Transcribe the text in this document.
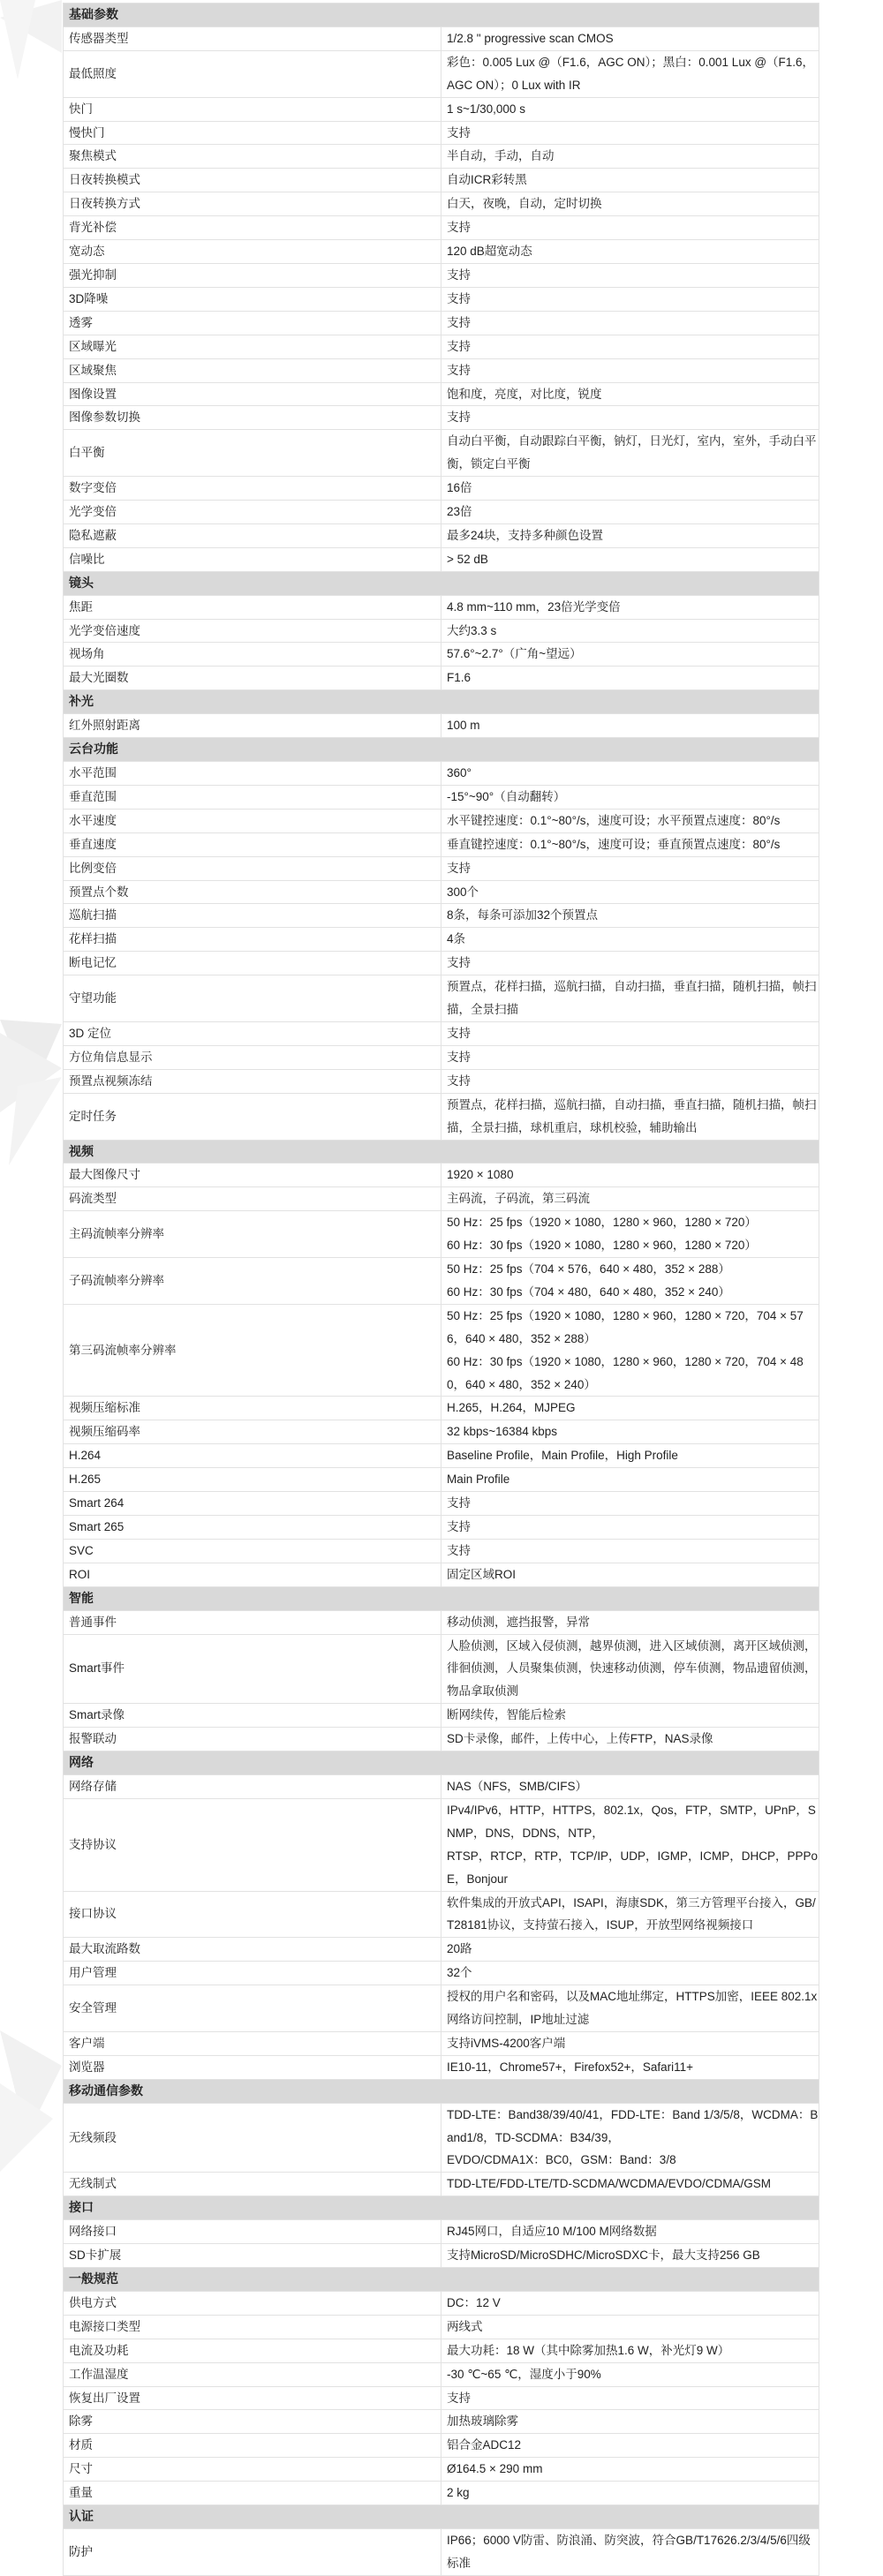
基础参数	
传感器类型	1/2.8 " progressive scan CMOS
最低照度	彩色：0.005 Lux @（F1.6，AGC ON）；黑白：0.001 Lux @（F1.6，AGC ON）；0 Lux with IR
快门	1 s~1/30,000 s
慢快门	支持
聚焦模式	半自动，手动，自动
日夜转换模式	自动ICR彩转黑
日夜转换方式	白天，夜晚，自动，定时切换
背光补偿	支持
宽动态	120 dB超宽动态
强光抑制	支持
3D降噪	支持
透雾	支持
区域曝光	支持
区域聚焦	支持
图像设置	饱和度，亮度，对比度，锐度
图像参数切换	支持
白平衡	自动白平衡，自动跟踪白平衡，钠灯，日光灯，室内，室外，手动白平衡，锁定白平衡
数字变倍	16倍
光学变倍	23倍
隐私遮蔽	最多24块，支持多种颜色设置
信噪比	> 52 dB
镜头	
焦距	4.8 mm~110 mm，23倍光学变倍
光学变倍速度	大约3.3 s
视场角	57.6°~2.7°（广角~望远）
最大光圈数	F1.6
补光	
红外照射距离	100 m
云台功能	
水平范围	360°
垂直范围	-15°~90°（自动翻转）
水平速度	水平键控速度：0.1°~80°/s，速度可设；水平预置点速度：80°/s
垂直速度	垂直键控速度：0.1°~80°/s，速度可设；垂直预置点速度：80°/s
比例变倍	支持
预置点个数	300个
巡航扫描	8条，每条可添加32个预置点
花样扫描	4条
断电记忆	支持
守望功能	预置点，花样扫描，巡航扫描，自动扫描，垂直扫描，随机扫描，帧扫描，全景扫描
3D 定位	支持
方位角信息显示	支持
预置点视频冻结	支持
定时任务	预置点，花样扫描，巡航扫描，自动扫描，垂直扫描，随机扫描，帧扫描，全景扫描，球机重启，球机校验，辅助输出
视频	
最大图像尺寸	1920 × 1080
码流类型	主码流，子码流，第三码流
主码流帧率分辨率	50 Hz：25 fps（1920 × 1080，1280 × 960，1280 × 720）
60 Hz：30 fps（1920 × 1080，1280 × 960，1280 × 720）

子码流帧率分辨率	50 Hz：25 fps（704 × 576，640 × 480，352 × 288）
60 Hz：30 fps（704 × 480，640 × 480，352 × 240）

第三码流帧率分辨率	50 Hz：25 fps（1920 × 1080，1280 × 960，1280 × 720，704 × 576，640 × 480，352 × 288）
60 Hz：30 fps（1920 × 1080，1280 × 960，1280 × 720，704 × 480，640 × 480，352 × 240）

视频压缩标准	H.265，H.264，MJPEG
视频压缩码率	32 kbps~16384 kbps
H.264	Baseline Profile，Main Profile，High Profile
H.265	Main Profile
Smart 264	支持
Smart 265	支持
SVC	支持
ROI	固定区域ROI
智能	
普通事件	移动侦测，遮挡报警，异常
Smart事件	人脸侦测，区域入侵侦测，越界侦测，进入区域侦测，离开区域侦测，徘徊侦测，人员聚集侦测，快速移动侦测，停车侦测，物品遗留侦测，物品拿取侦测
Smart录像	断网续传，智能后检索
报警联动	SD卡录像，邮件，上传中心，上传FTP，NAS录像
网络	
网络存储	NAS（NFS，SMB/CIFS）
支持协议	IPv4/IPv6，HTTP，HTTPS，802.1x，Qos，FTP，SMTP，UPnP，SNMP，DNS，DDNS，NTP，
RTSP，RTCP，RTP，TCP/IP，UDP，IGMP，ICMP，DHCP，PPPoE，Bonjour

接口协议	软件集成的开放式API，ISAPI，海康SDK，第三方管理平台接入，GB/T28181协议，支持萤石接入，ISUP，开放型网络视频接口
最大取流路数	20路
用户管理	32个
安全管理	授权的用户名和密码，以及MAC地址绑定，HTTPS加密，IEEE 802.1x网络访问控制，IP地址过滤
客户端	支持iVMS-4200客户端
浏览器	IE10-11，Chrome57+，Firefox52+，Safari11+
移动通信参数	
无线频段	TDD-LTE：Band38/39/40/41，FDD-LTE：Band 1/3/5/8，WCDMA：Band1/8，TD-SCDMA：B34/39，
EVDO/CDMA1X：BC0，GSM：Band：3/8

无线制式	TDD-LTE/FDD-LTE/TD-SCDMA/WCDMA/EVDO/CDMA/GSM
接口	
网络接口	RJ45网口，自适应10 M/100 M网络数据
SD卡扩展	支持MicroSD/MicroSDHC/MicroSDXC卡，最大支持256 GB
一般规范	
供电方式	DC：12 V
电源接口类型	两线式
电流及功耗	最大功耗：18 W（其中除雾加热1.6 W，补光灯9 W）
工作温湿度	-30 ℃~65 ℃，湿度小于90%
恢复出厂设置	支持
除雾	加热玻璃除雾
材质	铝合金ADC12
尺寸	Ø164.5 × 290 mm
重量	2 kg
认证	
防护	IP66；6000 V防雷、防浪涌、防突波，符合GB/T17626.2/3/4/5/6四级标准
